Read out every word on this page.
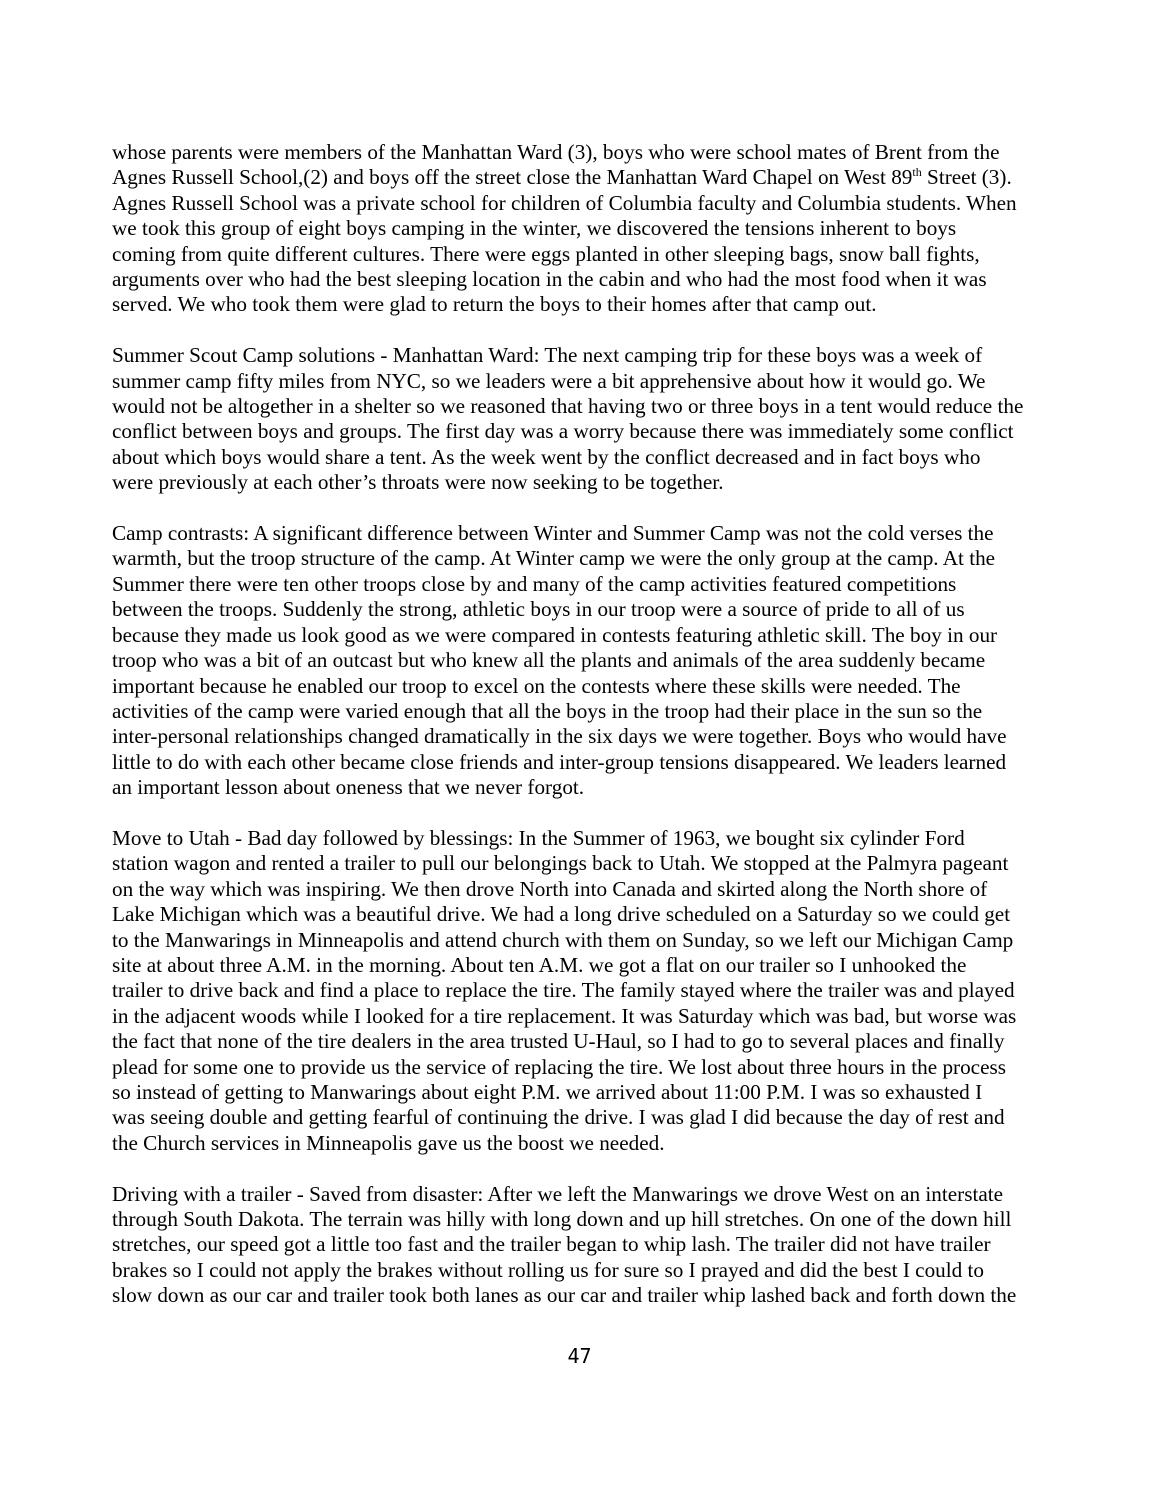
whose parents were members of the Manhattan Ward (3), boys who were school mates of Brent from the
Agnes Russell School,(2) and boys off the street close the Manhattan Ward Chapel on West 89th Street (3).
Agnes Russell School was a private school for children of Columbia faculty and Columbia students. When
we took this group of eight boys camping in the winter, we discovered the tensions inherent to boys
coming from quite different cultures. There were eggs planted in other sleeping bags, snow ball fights,
arguments over who had the best sleeping location in the cabin and who had the most food when it was
served. We who took them were glad to return the boys to their homes after that camp out.

Summer Scout Camp solutions - Manhattan Ward: The next camping trip for these boys was a week of
summer camp fifty miles from NYC, so we leaders were a bit apprehensive about how it would go. We
would not be altogether in a shelter so we reasoned that having two or three boys in a tent would reduce the
conflict between boys and groups. The first day was a worry because there was immediately some conflict
about which boys would share a tent. As the week went by the conflict decreased and in fact boys who
were previously at each other’s throats were now seeking to be together.

Camp contrasts: A significant difference between Winter and Summer Camp was not the cold verses the
warmth, but the troop structure of the camp. At Winter camp we were the only group at the camp. At the
Summer there were ten other troops close by and many of the camp activities featured competitions
between the troops. Suddenly the strong, athletic boys in our troop were a source of pride to all of us
because they made us look good as we were compared in contests featuring athletic skill. The boy in our
troop who was a bit of an outcast but who knew all the plants and animals of the area suddenly became
important because he enabled our troop to excel on the contests where these skills were needed. The
activities of the camp were varied enough that all the boys in the troop had their place in the sun so the
inter-personal relationships changed dramatically in the six days we were together. Boys who would have
little to do with each other became close friends and inter-group tensions disappeared. We leaders learned
an important lesson about oneness that we never forgot.

Move to Utah - Bad day followed by blessings: In the Summer of 1963, we bought six cylinder Ford
station wagon and rented a trailer to pull our belongings back to Utah. We stopped at the Palmyra pageant
on the way which was inspiring. We then drove North into Canada and skirted along the North shore of
Lake Michigan which was a beautiful drive. We had a long drive scheduled on a Saturday so we could get
to the Manwarings in Minneapolis and attend church with them on Sunday, so we left our Michigan Camp
site at about three A.M. in the morning. About ten A.M. we got a flat on our trailer so I unhooked the
trailer to drive back and find a place to replace the tire. The family stayed where the trailer was and played
in the adjacent woods while I looked for a tire replacement. It was Saturday which was bad, but worse was
the fact that none of the tire dealers in the area trusted U-Haul, so I had to go to several places and finally
plead for some one to provide us the service of replacing the tire. We lost about three hours in the process
so instead of getting to Manwarings about eight P.M. we arrived about 11:00 P.M. I was so exhausted I
was seeing double and getting fearful of continuing the drive. I was glad I did because the day of rest and
the Church services in Minneapolis gave us the boost we needed.

Driving with a trailer - Saved from disaster: After we left the Manwarings we drove West on an interstate
through South Dakota. The terrain was hilly with long down and up hill stretches. On one of the down hill
stretches, our speed got a little too fast and the trailer began to whip lash. The trailer did not have trailer
brakes so I could not apply the brakes without rolling us for sure so I prayed and did the best I could to
slow down as our car and trailer took both lanes as our car and trailer whip lashed back and forth down the

47
